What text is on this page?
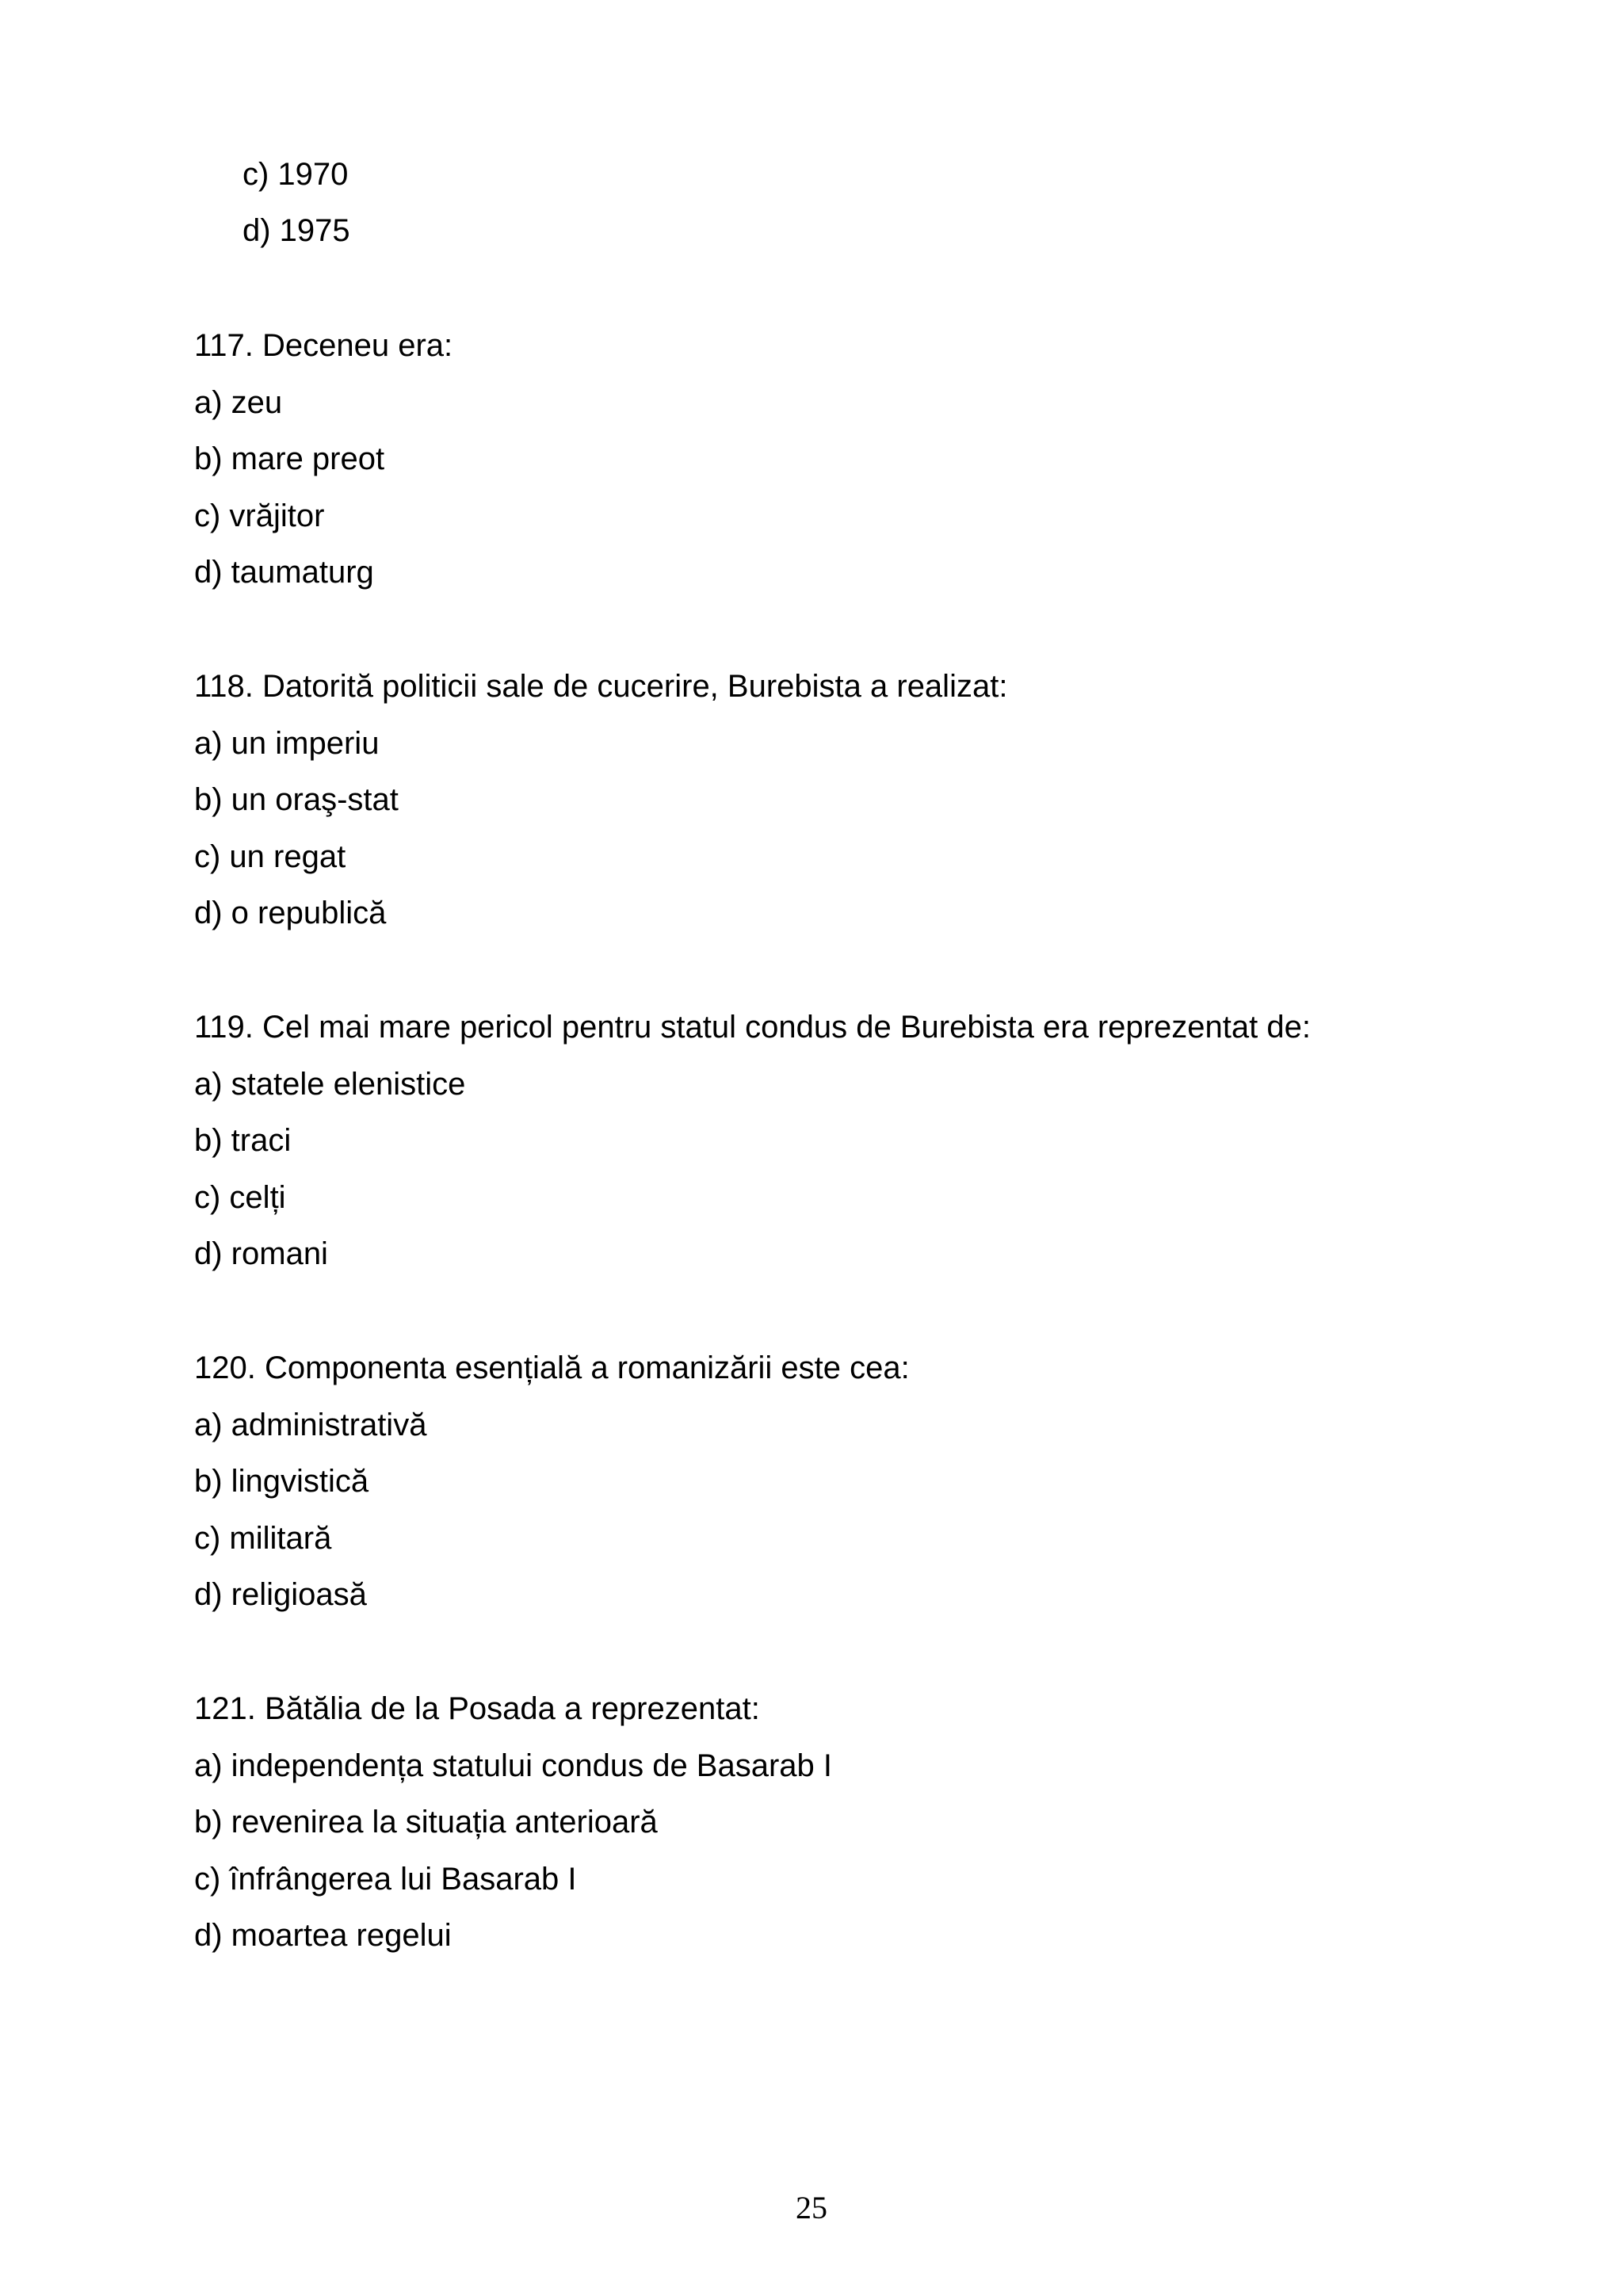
c) 1970
d) 1975
117. Deceneu era:
a) zeu
b) mare preot
c) vrăjitor
d) taumaturg
118. Datorită politicii sale de cucerire, Burebista a realizat:
a) un imperiu
b) un oraş-stat
c) un regat
d) o republică
119. Cel mai mare pericol pentru statul condus de Burebista era reprezentat de:
a) statele elenistice
b) traci
c) celți
d) romani
120. Componenta esențială a romanizării este cea:
a) administrativă
b) lingvistică
c) militară
d) religioasă
121. Bătălia de la Posada a reprezentat:
a) independența statului condus de Basarab I
b) revenirea la situația anterioară
c) înfrângerea lui Basarab I
d) moartea regelui
25
